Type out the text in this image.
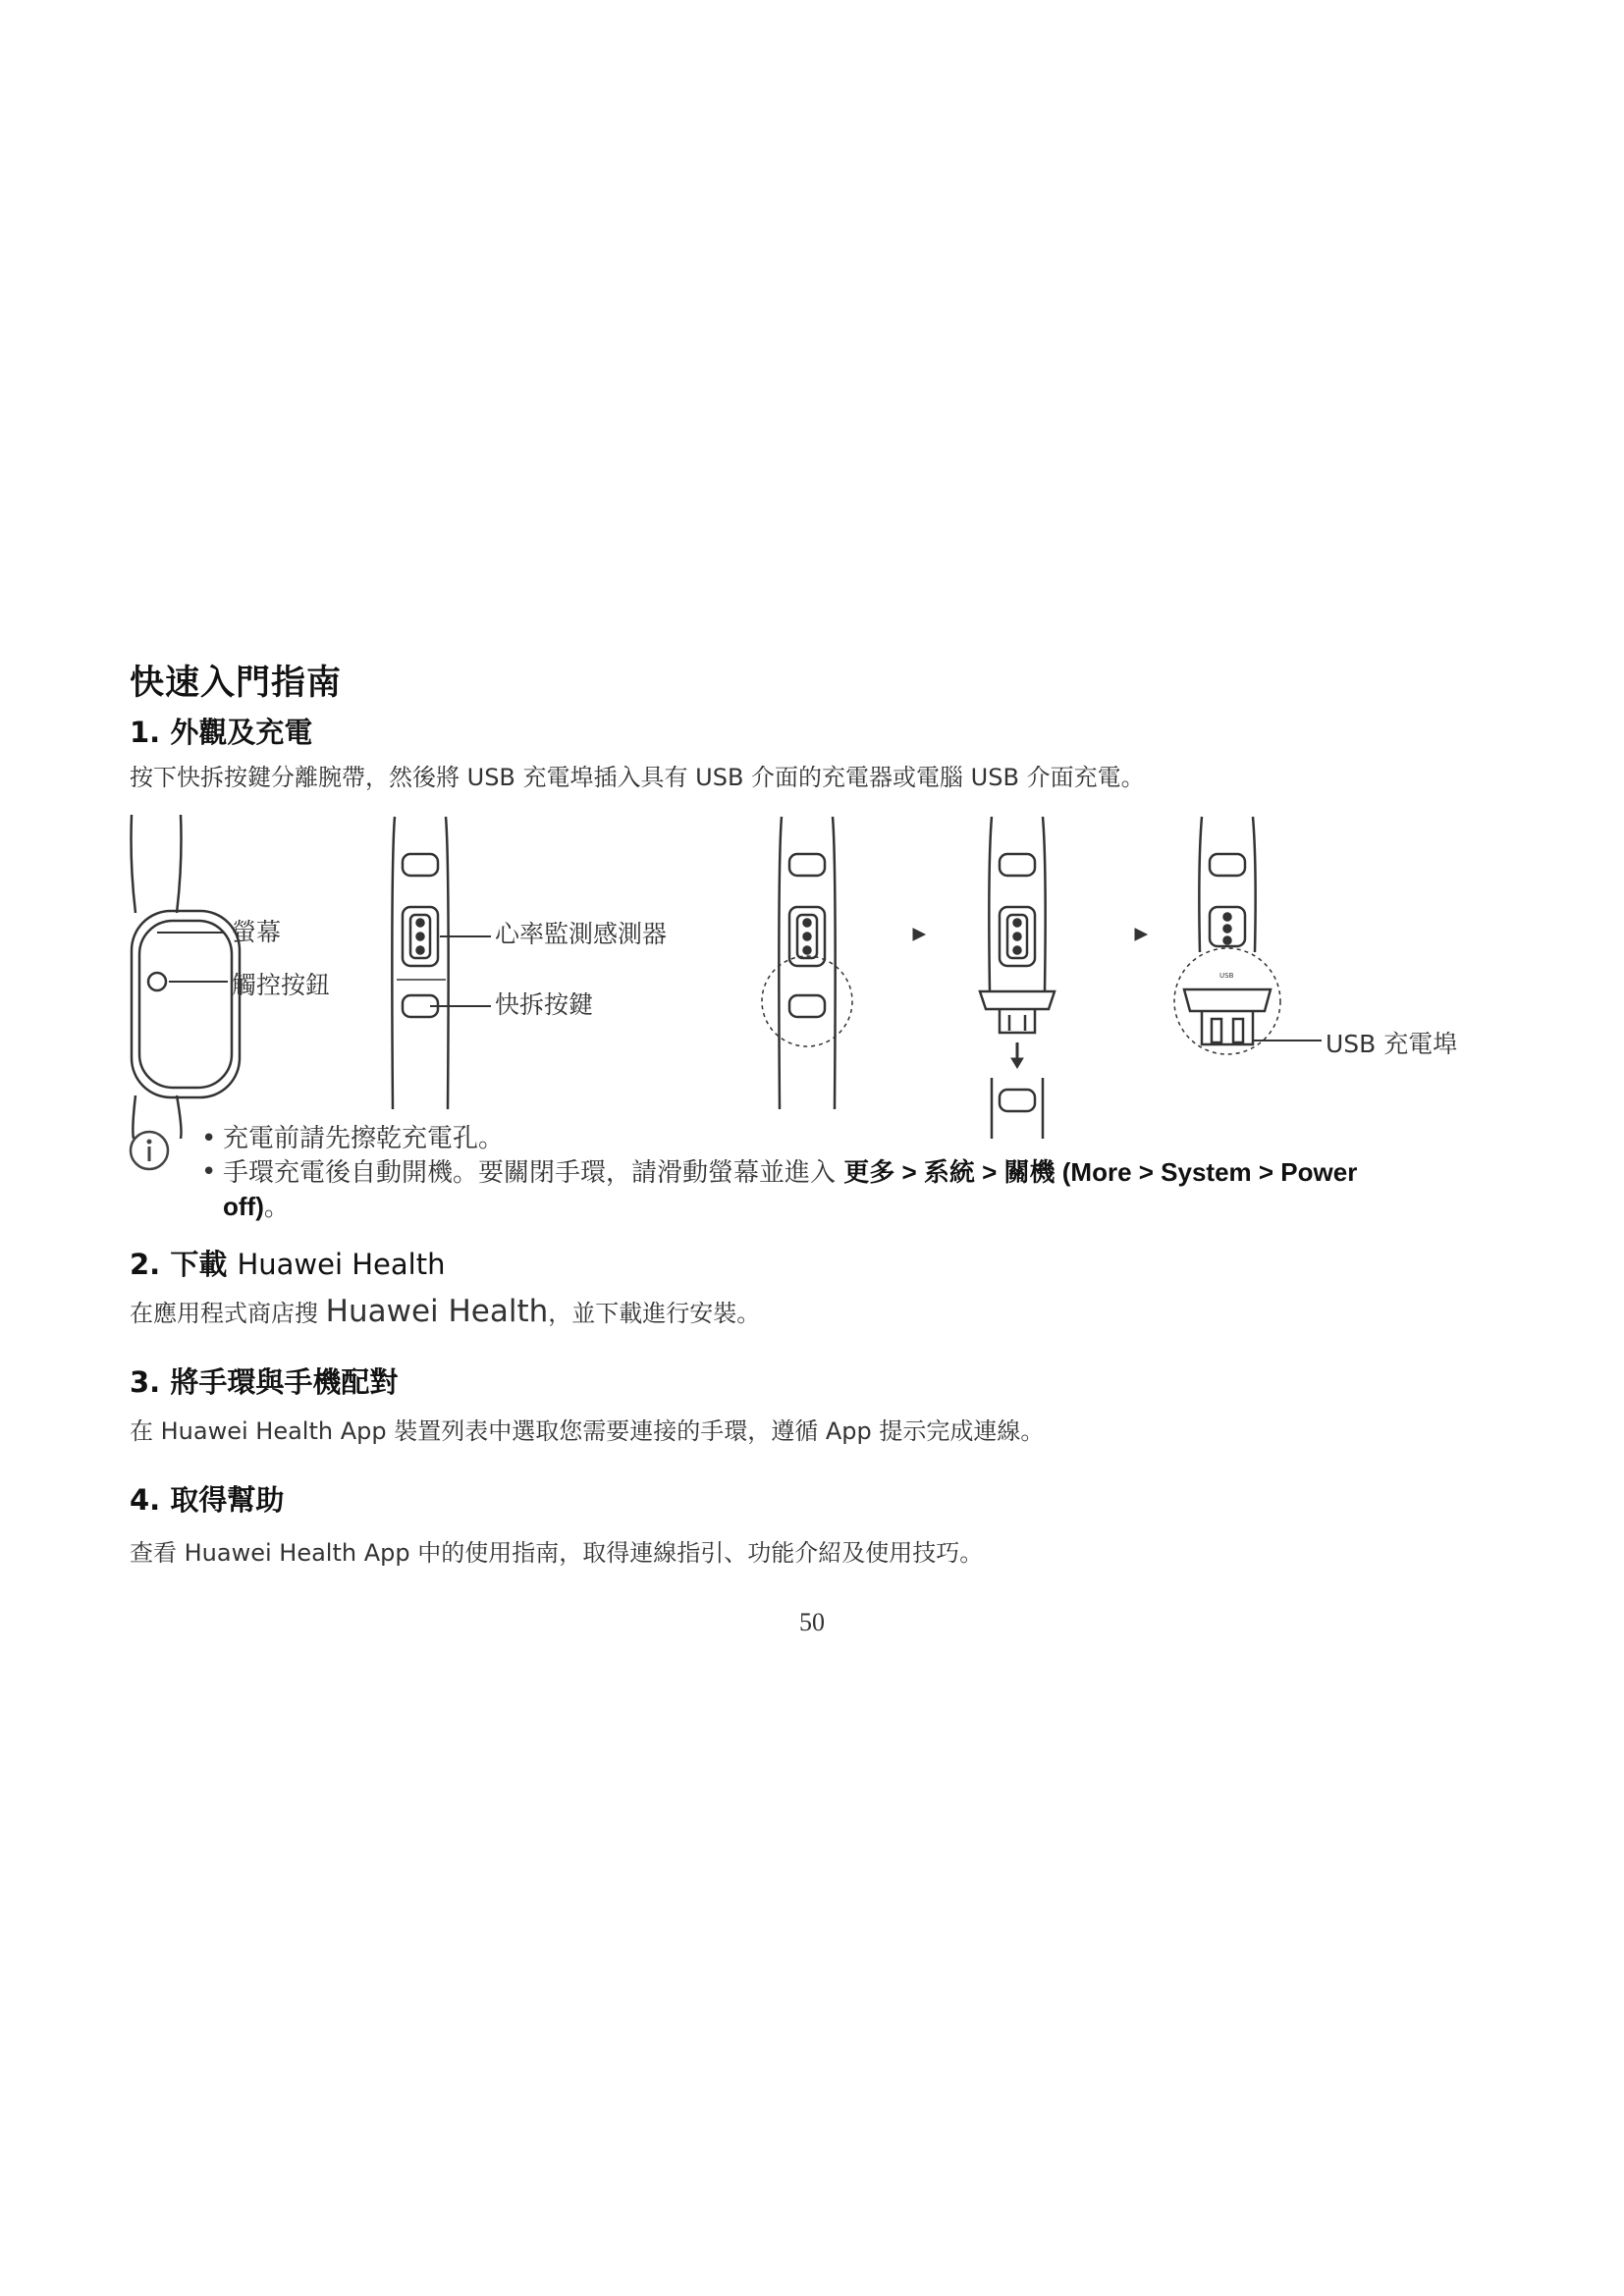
快速入門指南
1. 外觀及充電
按下快拆按鍵分離腕帶，然後將 USB 充電埠插入具有 USB 介面的充電器或電腦 USB 介面充電。
螢幕
觸控按鈕
心率監測感測器
快拆按鍵
USB 充電埠
USB
• 充電前請先擦乾充電孔。
• 手環充電後自動開機。要關閉手環，請滑動螢幕並進入 更多 > 系統 > 關機 (More > System > Power
off)。
2. 下載 Huawei Health
在應用程式商店搜 Huawei Health，並下載進行安裝。
3. 將手環與手機配對
在 Huawei Health App 裝置列表中選取您需要連接的手環，遵循 App 提示完成連線。
4. 取得幫助
查看 Huawei Health App 中的使用指南，取得連線指引、功能介紹及使用技巧。
50
